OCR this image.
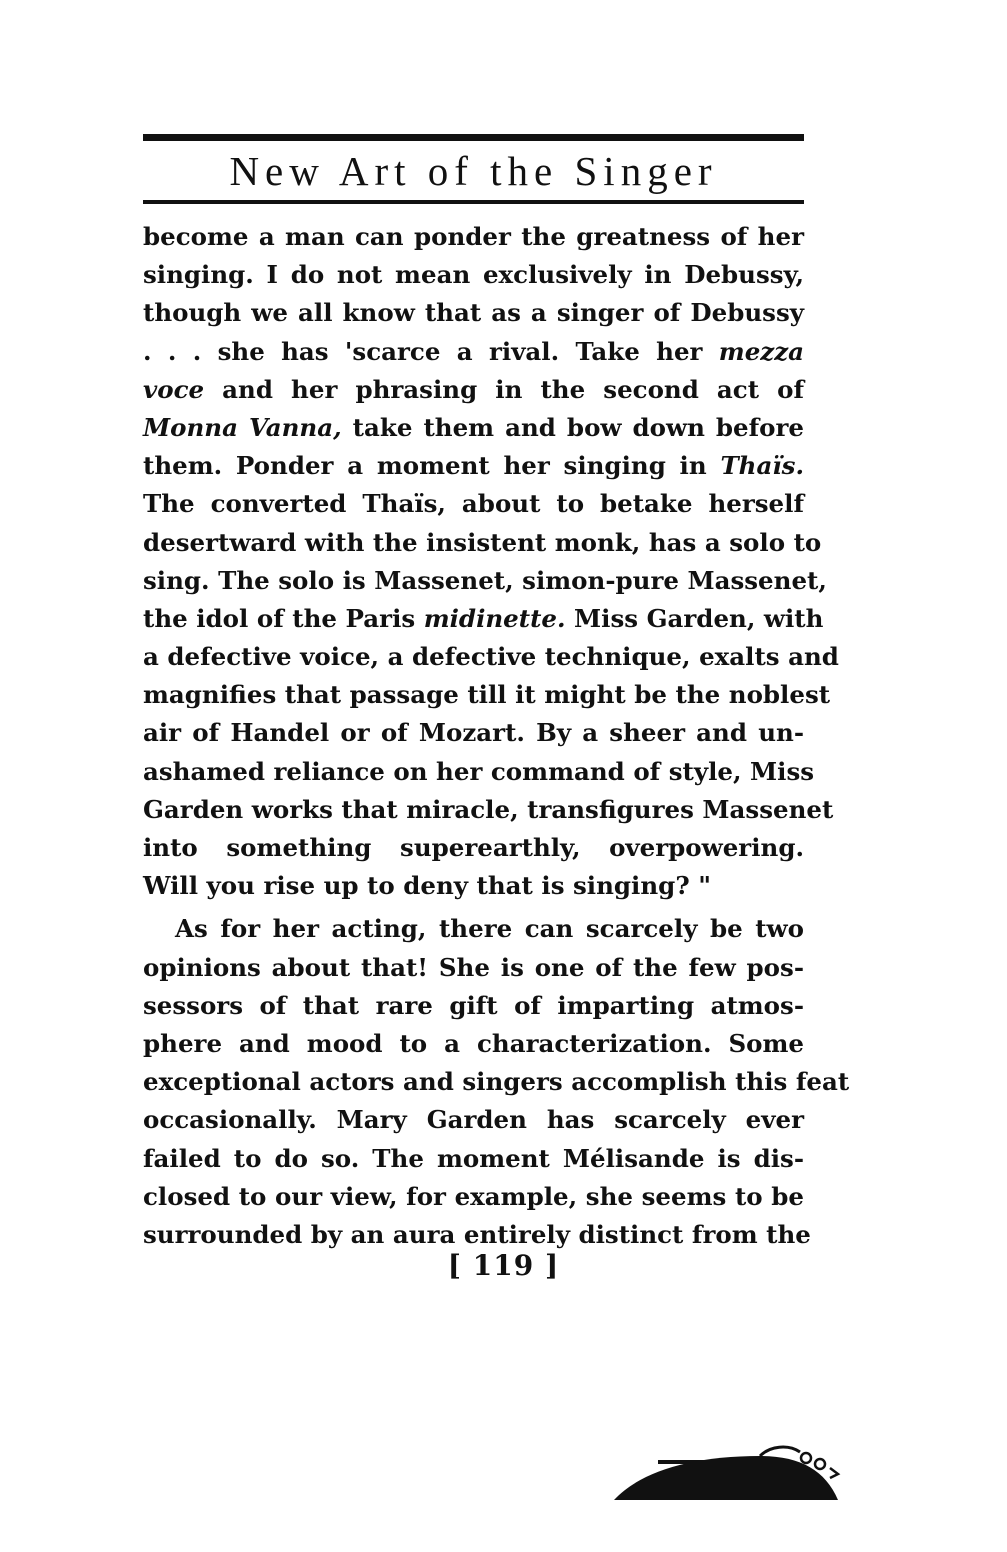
New Art of the Singer
become a man can ponder the greatness of her
singing. I do not mean exclusively in Debussy,
though we all know that as a singer of Debussy
. . . she has 'scarce a rival. Take her mezza
voce and her phrasing in the second act of
Monna Vanna, take them and bow down before
them. Ponder a moment her singing in Thaïs.
The converted Thaïs, about to betake herself
desertward with the insistent monk, has a solo to
sing. The solo is Massenet, simon-pure Massenet,
the idol of the Paris midinette. Miss Garden, with
a defective voice, a defective technique, exalts and
magnifies that passage till it might be the noblest
air of Handel or of Mozart. By a sheer and un-
ashamed reliance on her command of style, Miss
Garden works that miracle, transfigures Massenet
into something superearthly, overpowering.
Will you rise up to deny that is singing? "
As for her acting, there can scarcely be two
opinions about that! She is one of the few pos-
sessors of that rare gift of imparting atmos-
phere and mood to a characterization. Some
exceptional actors and singers accomplish this feat
occasionally. Mary Garden has scarcely ever
failed to do so. The moment Mélisande is dis-
closed to our view, for example, she seems to be
surrounded by an aura entirely distinct from the
[ 119 ]
